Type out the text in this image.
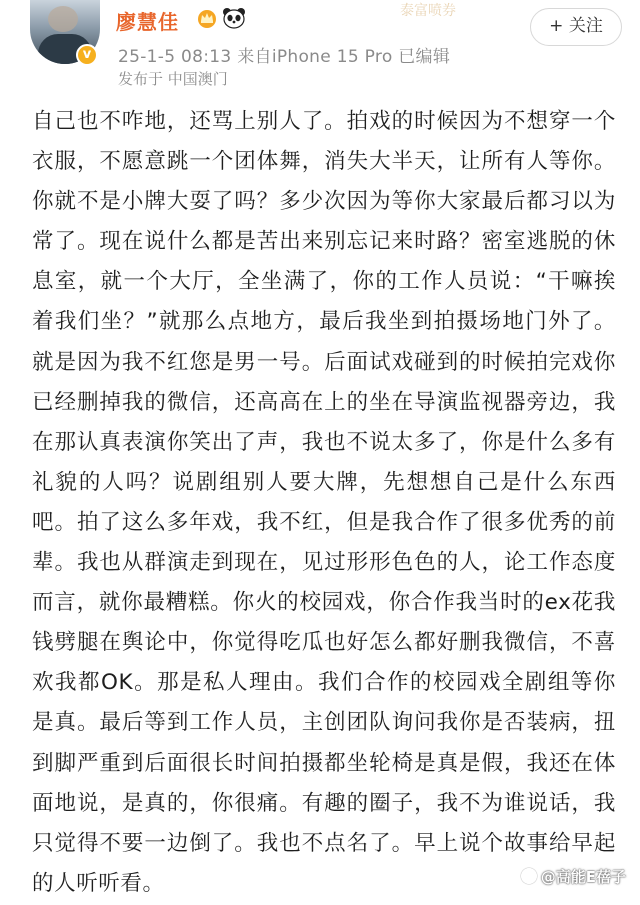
v
廖慧佳	泰富喷券
+ 关注
25-1-5 08:13 来自iPhone 15 Pro 已编辑
发布于 中国澳门
自己也不咋地，还骂上别人了。拍戏的时候因为不想穿一个衣服，不愿意跳一个团体舞，消失大半天，让所有人等你。你就不是小牌大耍了吗？多少次因为等你大家最后都习以为常了。现在说什么都是苦出来别忘记来时路？密室逃脱的休息室，就一个大厅，全坐满了，你的工作人员说：“干嘛挨着我们坐？”就那么点地方，最后我坐到拍摄场地门外了。就是因为我不红您是男一号。后面试戏碰到的时候拍完戏你已经删掉我的微信，还高高在上的坐在导演监视器旁边，我在那认真表演你笑出了声，我也不说太多了，你是什么多有礼貌的人吗？说剧组别人要大牌，先想想自己是什么东西吧。拍了这么多年戏，我不红，但是我合作了很多优秀的前辈。我也从群演走到现在，见过形形色色的人，论工作态度而言，就你最糟糕。你火的校园戏，你合作我当时的ex花我钱劈腿在舆论中，你觉得吃瓜也好怎么都好删我微信，不喜欢我都OK。那是私人理由。我们合作的校园戏全剧组等你是真。最后等到工作人员，主创团队询问我你是否装病，扭到脚严重到后面很长时间拍摄都坐轮椅是真是假，我还在体面地说，是真的，你很痛。有趣的圈子，我不为谁说话，我只觉得不要一边倒了。我也不点名了。早上说个故事给早起的人听听看。	@高能E蓓子
